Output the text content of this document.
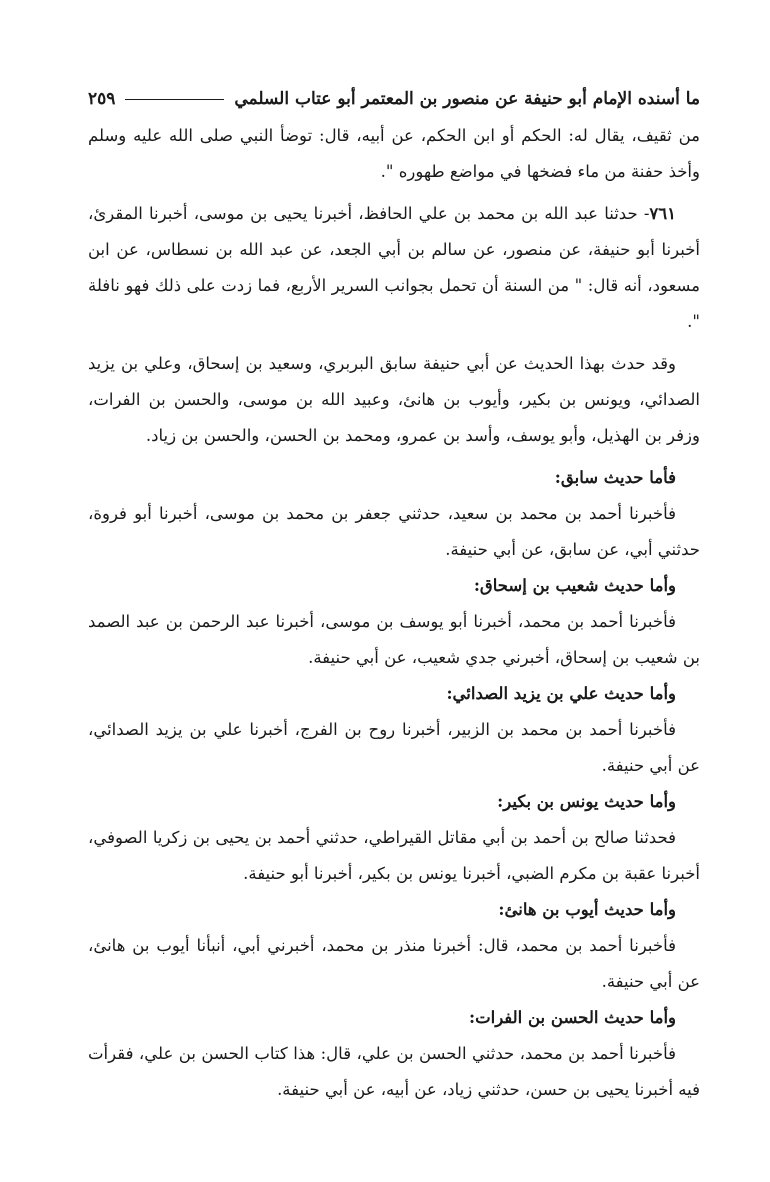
ما أسنده الإمام أبو حنيفة عن منصور بن المعتمر أبو عتاب السلمي
٢٥٩

من ثقيف، يقال له: الحكم أو ابن الحكم، عن أبيه، قال: توضأ النبي صلى الله عليه وسلم وأخذ حفنة من ماء فضخها في مواضع طهوره ".

٧٦١- حدثنا عبد الله بن محمد بن علي الحافظ، أخبرنا يحيى بن موسى، أخبرنا المقرئ، أخبرنا أبو حنيفة، عن منصور، عن سالم بن أبي الجعد، عن عبد الله بن نسطاس، عن ابن مسعود، أنه قال: " من السنة أن تحمل بجوانب السرير الأربع، فما زدت على ذلك فهو نافلة ".

وقد حدث بهذا الحديث عن أبي حنيفة سابق البربري، وسعيد بن إسحاق، وعلي بن يزيد الصدائي، ويونس بن بكير، وأيوب بن هانئ، وعبيد الله بن موسى، والحسن بن الفرات، وزفر بن الهذيل، وأبو يوسف، وأسد بن عمرو، ومحمد بن الحسن، والحسن بن زياد.

فأما حديث سابق:

فأخبرنا أحمد بن محمد بن سعيد، حدثني جعفر بن محمد بن موسى، أخبرنا أبو فروة، حدثني أبي، عن سابق، عن أبي حنيفة.

وأما حديث شعيب بن إسحاق:

فأخبرنا أحمد بن محمد، أخبرنا أبو يوسف بن موسى، أخبرنا عبد الرحمن بن عبد الصمد بن شعيب بن إسحاق، أخبرني جدي شعيب، عن أبي حنيفة.

وأما حديث علي بن يزيد الصدائي:

فأخبرنا أحمد بن محمد بن الزبير، أخبرنا روح بن الفرج، أخبرنا علي بن يزيد الصدائي، عن أبي حنيفة.

وأما حديث يونس بن بكير:

فحدثنا صالح بن أحمد بن أبي مقاتل القيراطي، حدثني أحمد بن يحيى بن زكريا الصوفي، أخبرنا عقبة بن مكرم الضبي، أخبرنا يونس بن بكير، أخبرنا أبو حنيفة.

وأما حديث أيوب بن هانئ:

فأخبرنا أحمد بن محمد، قال: أخبرنا منذر بن محمد، أخبرني أبي، أنبأنا أيوب بن هانئ، عن أبي حنيفة.

وأما حديث الحسن بن الفرات:

فأخبرنا أحمد بن محمد، حدثني الحسن بن علي، قال: هذا كتاب الحسن بن علي، فقرأت فيه أخبرنا يحيى بن حسن، حدثني زياد، عن أبيه، عن أبي حنيفة.
